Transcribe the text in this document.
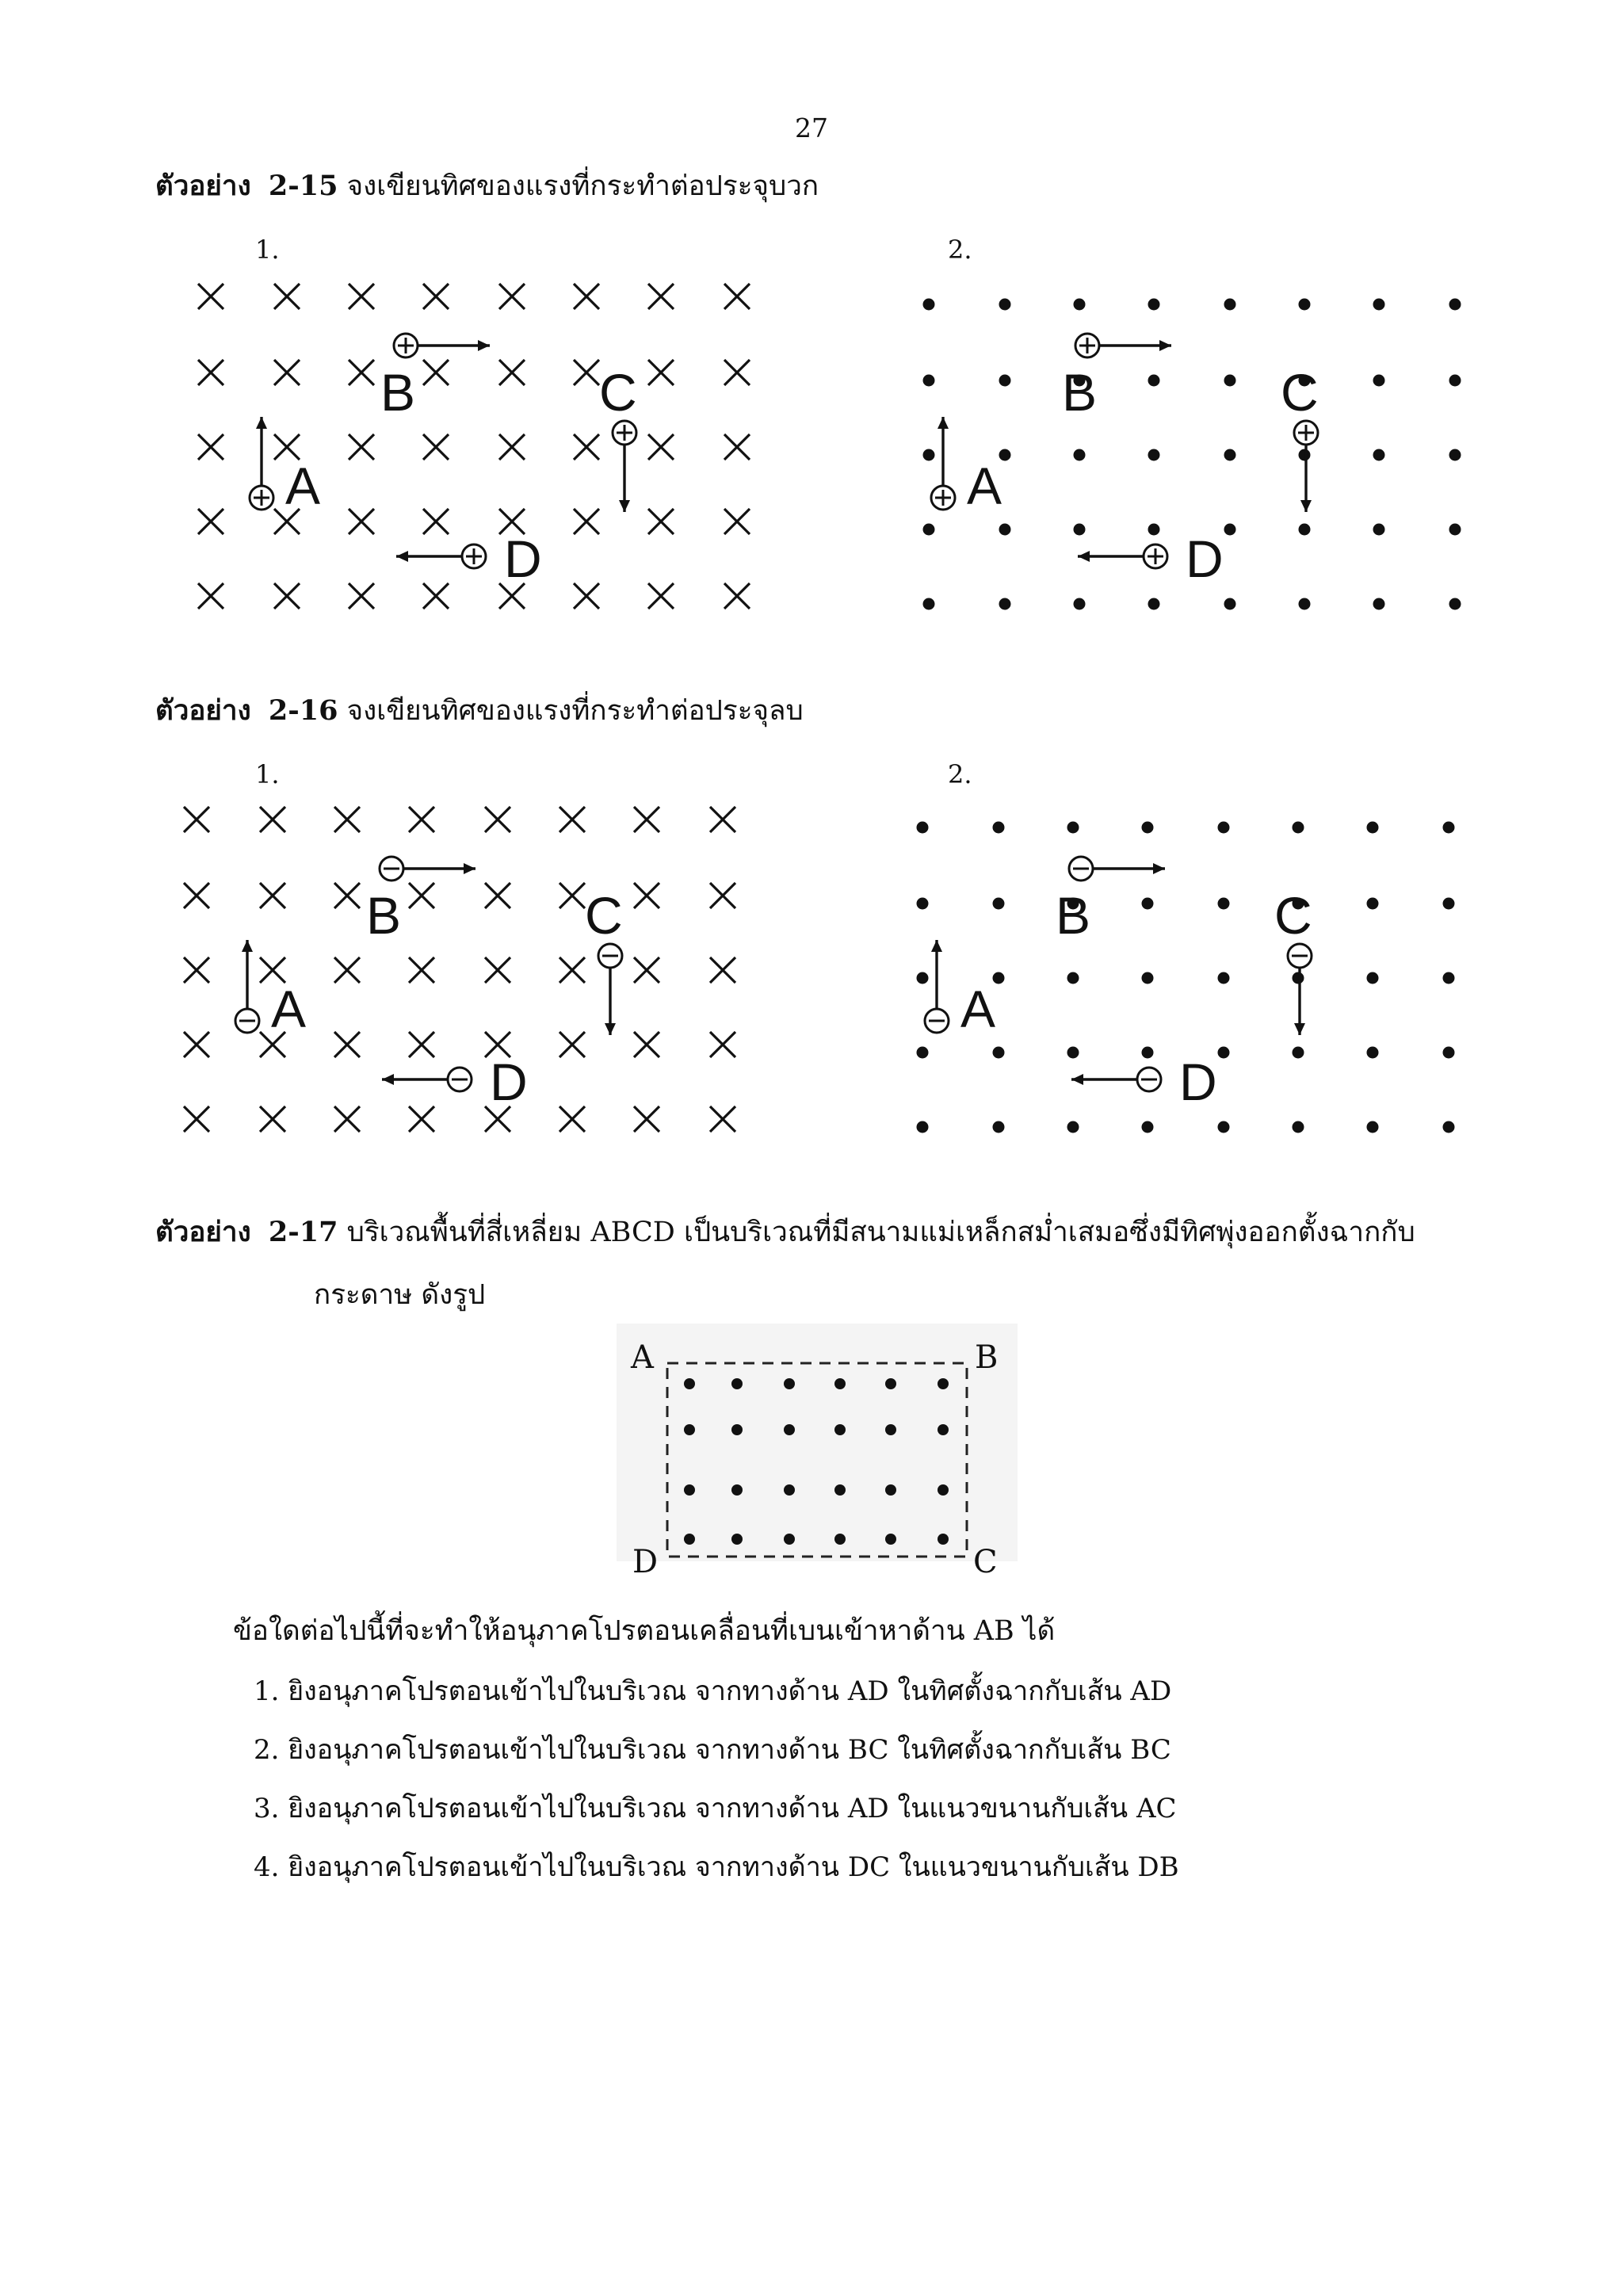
27
ตัวอย่าง 2-15 จงเขียนทิศของแรงที่กระทำต่อประจุบวก
1.	2.
ตัวอย่าง 2-16 จงเขียนทิศของแรงที่กระทำต่อประจุลบ
1.	2.
ตัวอย่าง 2-17 บริเวณพื้นที่สี่เหลี่ยม ABCD เป็นบริเวณที่มีสนามแม่เหล็กสม่ำเสมอซึ่งมีทิศพุ่งออกตั้งฉากกับ
กระดาษ ดังรูป
A
B	C
D
A
B	C
D
A
B	C
D
A
B	C
D
A	B
C
D
ข้อใดต่อไปนี้ที่จะทำให้อนุภาคโปรตอนเคลื่อนที่เบนเข้าหาด้าน AB ได้
1. ยิงอนุภาคโปรตอนเข้าไปในบริเวณ จากทางด้าน AD ในทิศตั้งฉากกับเส้น AD
2. ยิงอนุภาคโปรตอนเข้าไปในบริเวณ จากทางด้าน BC ในทิศตั้งฉากกับเส้น BC
3. ยิงอนุภาคโปรตอนเข้าไปในบริเวณ จากทางด้าน AD ในแนวขนานกับเส้น AC
4. ยิงอนุภาคโปรตอนเข้าไปในบริเวณ จากทางด้าน DC ในแนวขนานกับเส้น DB
